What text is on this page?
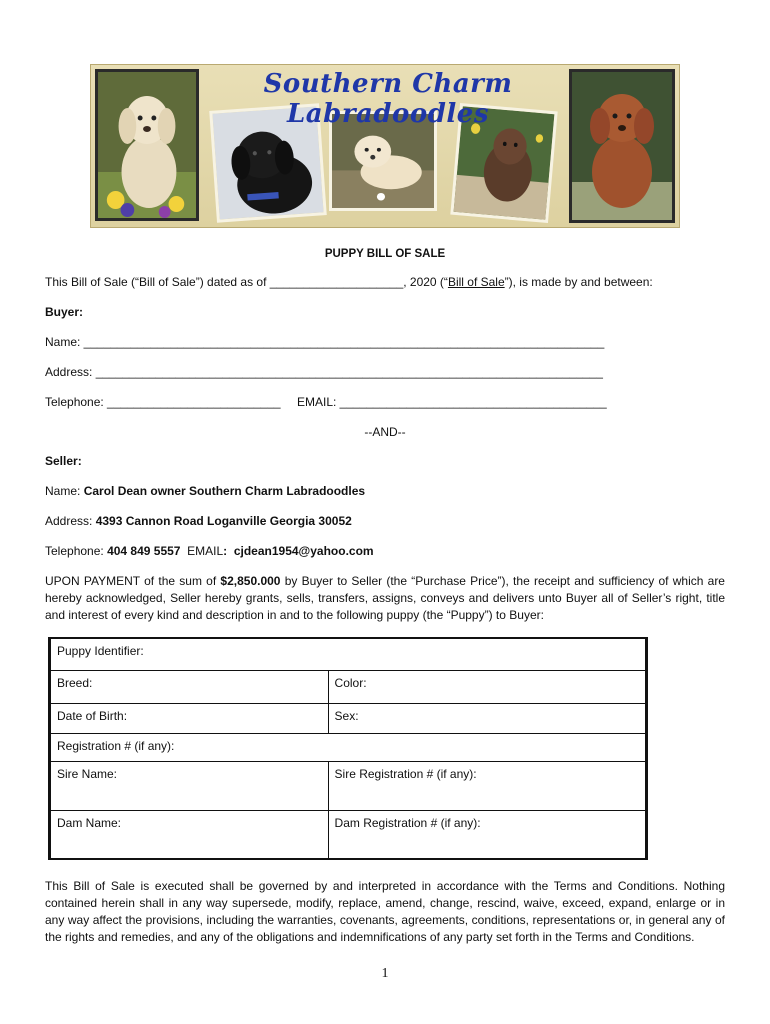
Southern Charm Labradoodles
PUPPY BILL OF SALE
This Bill of Sale (“Bill of Sale”) dated as of ____________________, 2020 (“Bill of Sale”), is made by and between:
Buyer:
Name: ______________________________________________________________________________
Address: ____________________________________________________________________________
Telephone: __________________________ EMAIL: ________________________________________
--AND--
Seller:
Name: Carol Dean owner Southern Charm Labradoodles
Address: 4393 Cannon Road Loganville Georgia 30052
Telephone: 404 849 5557 EMAIL: cjdean1954@yahoo.com
UPON PAYMENT of the sum of $2,850.000 by Buyer to Seller (the “Purchase Price”), the receipt and sufficiency of which are hereby acknowledged, Seller hereby grants, sells, transfers, assigns, conveys and delivers unto Buyer all of Seller’s right, title and interest of every kind and description in and to the following puppy (the “Puppy”) to Buyer:
Puppy Identifier:	
Breed:	Color:
Date of Birth:	Sex:
Registration # (if any):	
Sire Name:	Sire Registration # (if any):
Dam Name:	Dam Registration # (if any):
This Bill of Sale is executed shall be governed by and interpreted in accordance with the Terms and Conditions. Nothing contained herein shall in any way supersede, modify, replace, amend, change, rescind, waive, exceed, expand, enlarge or in any way affect the provisions, including the warranties, covenants, agreements, conditions, representations or, in general any of the rights and remedies, and any of the obligations and indemnifications of any party set forth in the Terms and Conditions.
1
